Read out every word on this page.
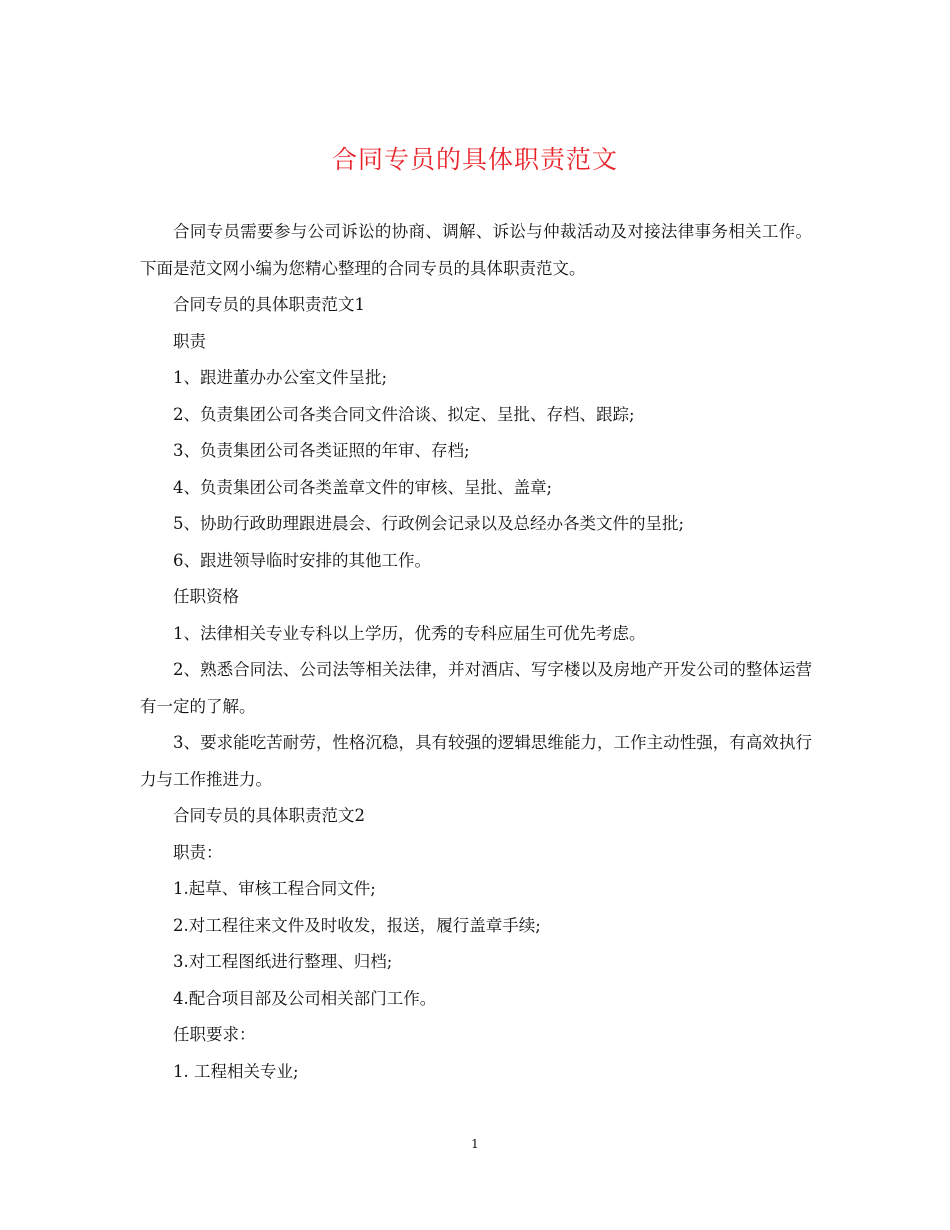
合同专员的具体职责范文

合同专员需要参与公司诉讼的协商、调解、诉讼与仲裁活动及对接法律事务相关工作。下面是范文网小编为您精心整理的合同专员的具体职责范文。

合同专员的具体职责范文1

职责

1、跟进董办办公室文件呈批;

2、负责集团公司各类合同文件洽谈、拟定、呈批、存档、跟踪;

3、负责集团公司各类证照的年审、存档;

4、负责集团公司各类盖章文件的审核、呈批、盖章;

5、协助行政助理跟进晨会、行政例会记录以及总经办各类文件的呈批;

6、跟进领导临时安排的其他工作。

任职资格

1、法律相关专业专科以上学历，优秀的专科应届生可优先考虑。

2、熟悉合同法、公司法等相关法律，并对酒店、写字楼以及房地产开发公司的整体运营有一定的了解。

3、要求能吃苦耐劳，性格沉稳，具有较强的逻辑思维能力，工作主动性强，有高效执行力与工作推进力。

合同专员的具体职责范文2

职责：

1.起草、审核工程合同文件;

2.对工程往来文件及时收发，报送，履行盖章手续;

3.对工程图纸进行整理、归档;

4.配合项目部及公司相关部门工作。

任职要求：

1. 工程相关专业;

1
